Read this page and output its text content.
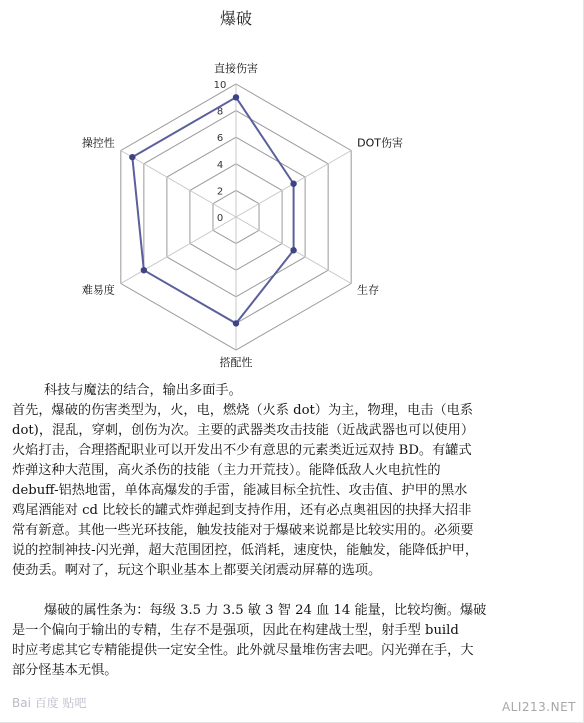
爆破
0
2
4
6
8
10
直接伤害
DOT伤害
生存
搭配性
难易度
操控性
科技与魔法的结合，输出多面手。
首先，爆破的伤害类型为，火，电，燃烧（火系 dot）为主，物理，电击（电系
dot)，混乱，穿刺，创伤为次。主要的武器类攻击技能（近战武器也可以使用）
火焰打击，合理搭配职业可以开发出不少有意思的元素类近远双持 BD。有罐式
炸弹这种大范围，高火杀伤的技能（主力开荒技）。能降低敌人火电抗性的
debuff-铝热地雷，单体高爆发的手雷，能减目标全抗性、攻击值、护甲的黑水
鸡尾酒能对 cd 比较长的罐式炸弹起到支持作用，还有必点奥祖因的抉择大招非
常有新意。其他一些光环技能，触发技能对于爆破来说都是比较实用的。必须要
说的控制神技-闪光弹，超大范围团控，低消耗，速度快，能触发，能降低护甲，
使劲丢。啊对了，玩这个职业基本上都要关闭震动屏幕的选项。
爆破的属性条为：每级 3.5 力 3.5 敏 3 智 24 血 14 能量，比较均衡。爆破
是一个偏向于输出的专精，生存不是强项，因此在构建战士型，射手型 build
时应考虑其它专精能提供一定安全性。此外就尽量堆伤害去吧。闪光弹在手，大
部分怪基本无惧。
Bai 百度 贴吧	ALI213.NET
